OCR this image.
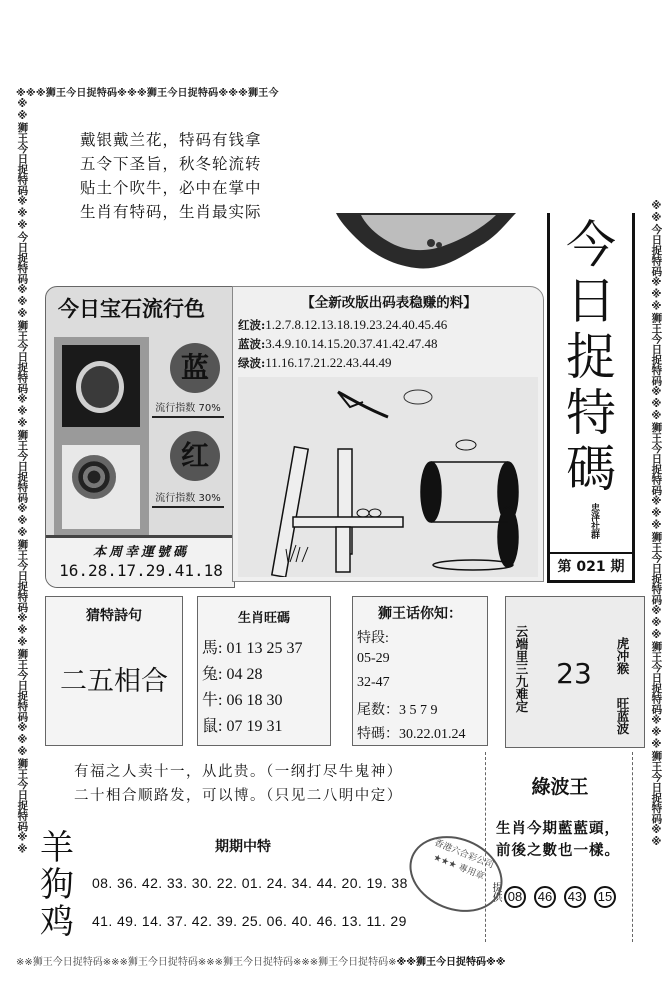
※※※狮王今日捉特码※※※狮王今日捉特码※※※狮王今
※※狮王今日捉特码※※※今日捉特码※※※狮王今日捉特码※※※狮王今日捉特码※※※狮王今日捉特码※※※狮王今日捉特码※※※狮王今日捉特码※※	※※今日捉特码※※※狮王今日捉特码※※※狮王今日捉特码※※※狮王今日捉特码※※※狮王今日捉特码※※※狮王今日捉特码※※
※※狮王今日捉特码※※※狮王今日捉特码※※※狮王今日捉特码※※※狮王今日捉特码※※※狮王今日捉特码※※
戴银戴兰花，特码有钱拿
五令下圣旨，秋冬轮流转
贴土个吹牛，必中在掌中
生肖有特码，生肖最实际
今
日
捉
特
碼
忠泽社群
第 021 期
今日宝石流行色
蓝
流行指数 70%
红
流行指数 30%
本周幸運號碼
16.28.17.29.41.18
【全新改版出码表稳赚的料】
红波:1.2.7.8.12.13.18.19.23.24.40.45.46
蓝波:3.4.9.10.14.15.20.37.41.42.47.48
绿波:11.16.17.21.22.43.44.49
猜特詩句
二五相合
生肖旺碼
馬: 01 13 25 37
兔: 04 28
牛: 06 18 30
鼠: 07 19 31
狮王话你知：
特段:
05-29
32-47
尾数：3 5 7 9
特碼：30.22.01.24
云端里三九难定 23	虎冲猴
旺蓝波
有福之人卖十一，从此贵。（一纲打尽牛鬼神）
二十相合顺路发，可以博。（只见二八明中定）	綠波王
生肖今期藍藍頭，
前後之數也一樣。
提供 08 46 43 15
羊
狗
鸡
期期中特
08. 36. 42. 33. 30. 22. 01. 24. 34. 44. 20. 19. 38
41. 49. 14. 37. 42. 39. 25. 06. 40. 46. 13. 11. 29
香港六合彩公司 ★★★ 專用章
